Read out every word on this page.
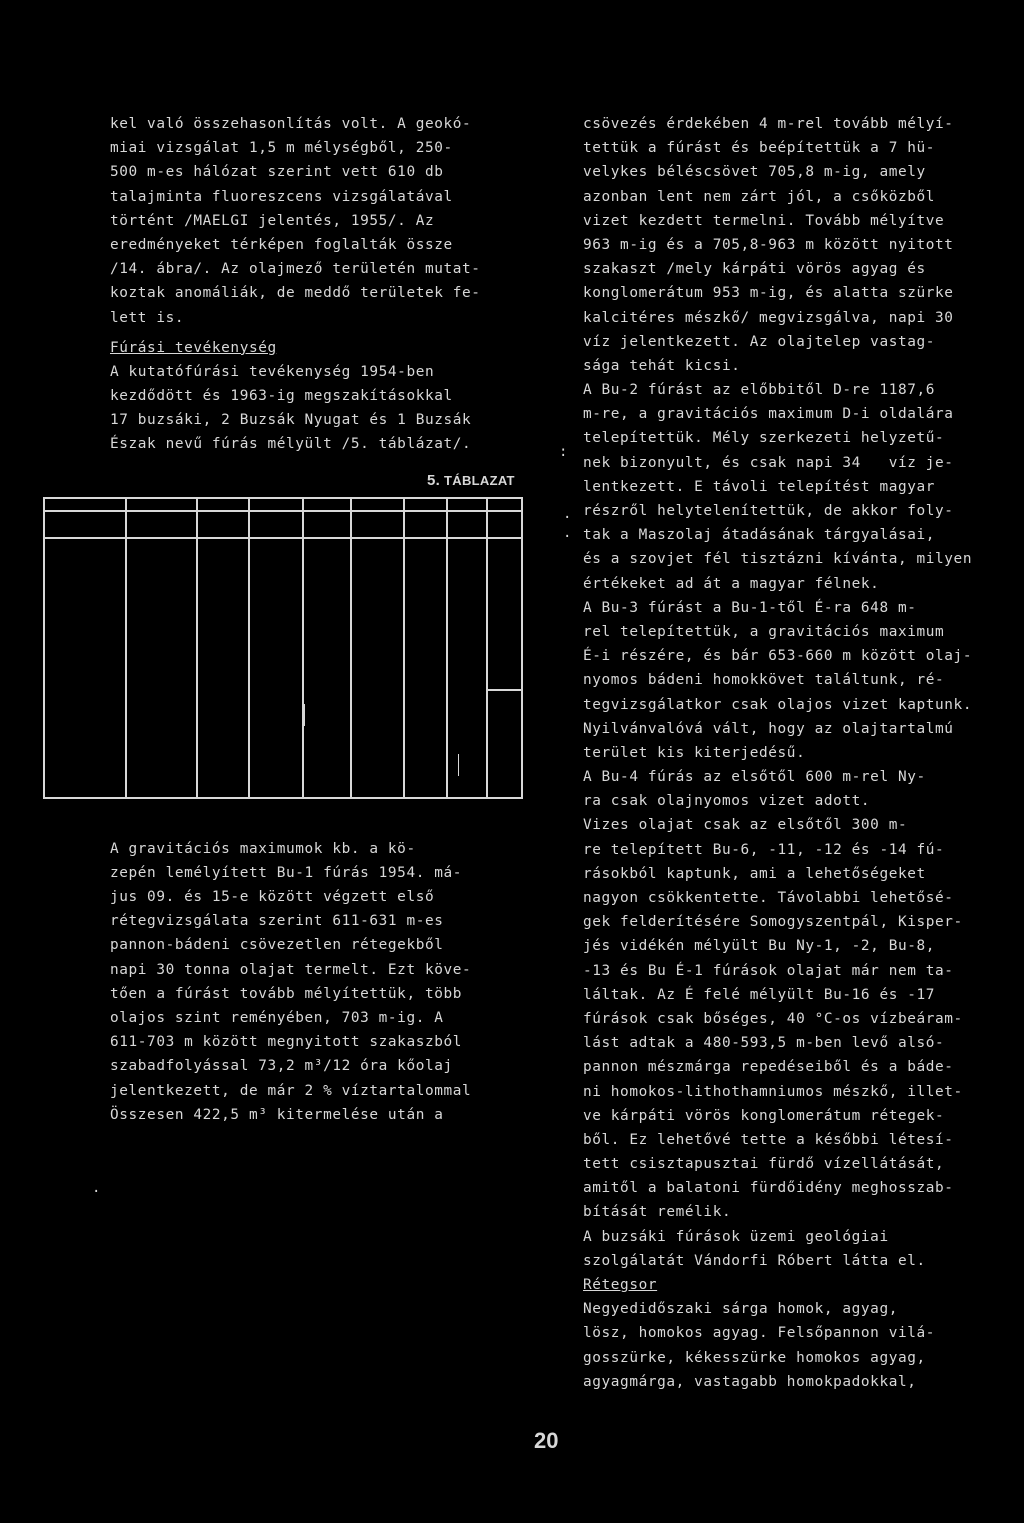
kel való összehasonlítás volt. A geokó-
miai vizsgálat 1,5 m mélységből, 250-
500 m-es hálózat szerint vett 610 db
talajminta fluoreszcens vizsgálatával
történt /MAELGI jelentés, 1955/. Az
eredményeket térképen foglalták össze
/14. ábra/. Az olajmező területén mutat-
koztak anomáliák, de meddő területek fe-
lett is.
Fúrási tevékenység
A kutatófúrási tevékenység 1954-ben
kezdődött és 1963-ig megszakításokkal
17 buzsáki, 2 Buzsák Nyugat és 1 Buzsák
Észak nevű fúrás mélyült /5. táblázat/.
A gravitációs maximumok kb. a kö-
zepén lemélyített Bu-1 fúrás 1954. má-
jus 09. és 15-e között végzett első
rétegvizsgálata szerint 611-631 m-es
pannon-bádeni csövezetlen rétegekből
napi 30 tonna olajat termelt. Ezt köve-
tően a fúrást tovább mélyítettük, több
olajos szint reményében, 703 m-ig. A
611-703 m között megnyitott szakaszból
szabadfolyással 73,2 m³/12 óra kőolaj
jelentkezett, de már 2 % víztartalommal
Összesen 422,5 m³ kitermelése után a
5. TÁBLAZAT
csövezés érdekében 4 m-rel tovább mélyí-
tettük a fúrást és beépítettük a 7 hü-
velykes béléscsövet 705,8 m-ig, amely
azonban lent nem zárt jól, a csőközből
vizet kezdett termelni. Tovább mélyítve
963 m-ig és a 705,8-963 m között nyitott
szakaszt /mely kárpáti vörös agyag és
konglomerátum 953 m-ig, és alatta szürke
kalcitéres mészkő/ megvizsgálva, napi 30
víz jelentkezett. Az olajtelep vastag-
sága tehát kicsi.
A Bu-2 fúrást az előbbitől D-re 1187,6
m-re, a gravitációs maximum D-i oldalára
telepítettük. Mély szerkezeti helyzetű-
nek bizonyult, és csak napi 34   víz je-
lentkezett. E távoli telepítést magyar
részről helytelenítettük, de akkor foly-
tak a Maszolaj átadásának tárgyalásai,
és a szovjet fél tisztázni kívánta, milyen
értékeket ad át a magyar félnek.
A Bu-3 fúrást a Bu-1-től É-ra 648 m-
rel telepítettük, a gravitációs maximum
É-i részére, és bár 653-660 m között olaj-
nyomos bádeni homokkövet találtunk, ré-
tegvizsgálatkor csak olajos vizet kaptunk.
Nyilvánvalóvá vált, hogy az olajtartalmú
terület kis kiterjedésű.
A Bu-4 fúrás az elsőtől 600 m-rel Ny-
ra csak olajnyomos vizet adott.
Vizes olajat csak az elsőtől 300 m-
re telepített Bu-6, -11, -12 és -14 fú-
rásokból kaptunk, ami a lehetőségeket
nagyon csökkentette. Távolabbi lehetősé-
gek felderítésére Somogyszentpál, Kisper-
jés vidékén mélyült Bu Ny-1, -2, Bu-8,
-13 és Bu É-1 fúrások olajat már nem ta-
láltak. Az É felé mélyült Bu-16 és -17
fúrások csak bőséges, 40 °C-os vízbeáram-
lást adtak a 480-593,5 m-ben levő alsó-
pannon mészmárga repedéseiből és a báde-
ni homokos-lithothamniumos mészkő, illet-
ve kárpáti vörös konglomerátum rétegek-
ből. Ez lehetővé tette a későbbi létesí-
tett csisztapusztai fürdő vízellátását,
amitől a balatoni fürdőidény meghosszab-
bítását remélik.
A buzsáki fúrások üzemi geológiai
szolgálatát Vándorfi Róbert látta el.
Rétegsor
Negyedidőszaki sárga homok, agyag,
lösz, homokos agyag. Felsőpannon vilá-
gosszürke, kékesszürke homokos agyag,
agyagmárga, vastagabb homokpadokkal,
:
.
.
·
20
